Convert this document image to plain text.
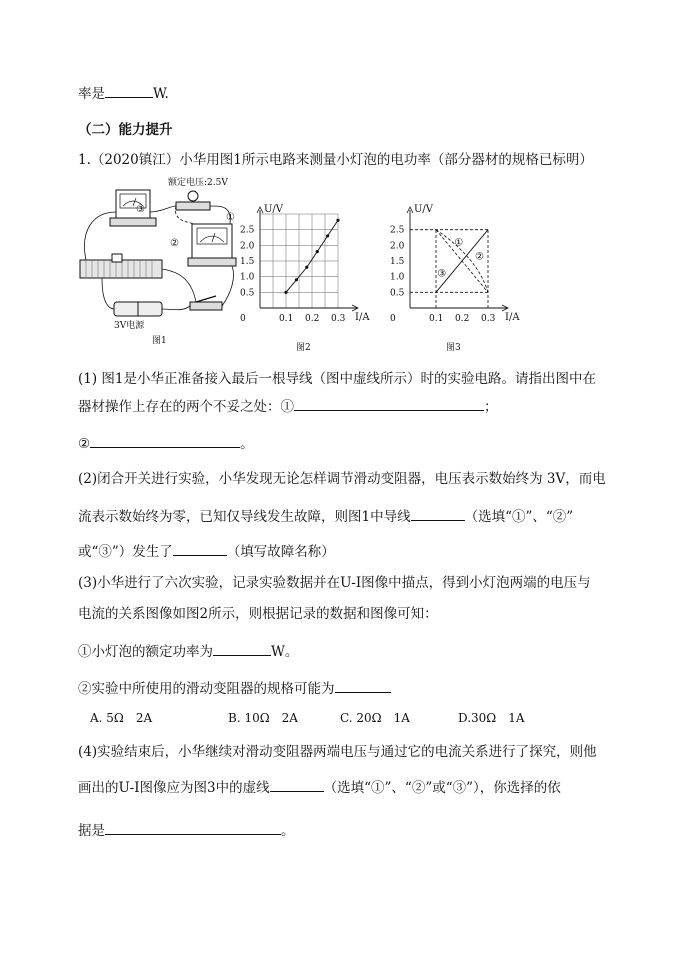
率是	W.
（二）能力提升
1.（2020镇江）小华用图1所示电路来测量小灯泡的电功率（部分器材的规格已标明）
额定电压:2.5V
3V电源
③
②
①
图1
U/V
I/A
0	0.1 0.2 0.3
0.5
1.0
1.5
2.0
2.5
图2
U/V
I/A
0	0.1 0.2 0.3
0.5
1.0
1.5
2.0
2.5
图3
①
②
③
(1) 图1是小华正准备接入最后一根导线（图中虚线所示）时的实验电路。请指出图中在
器材操作上存在的两个不妥之处：①	；
②	。
(2)闭合开关进行实验，小华发现无论怎样调节滑动变阻器，电压表示数始终为 3V，而电
流表示数始终为零，已知仅导线发生故障，则图1中导线	（选填“①”、“②”
或“③”）发生了	（填写故障名称）
(3)小华进行了六次实验，记录实验数据并在U-I图像中描点，得到小灯泡两端的电压与
电流的关系图像如图2所示，则根据记录的数据和图像可知：
①小灯泡的额定功率为	W。
②实验中所使用的滑动变阻器的规格可能为
A. 5Ω　2A	B. 10Ω　2A	C. 20Ω　1A	D.30Ω　1A
(4)实验结束后，小华继续对滑动变阻器两端电压与通过它的电流关系进行了探究，则他
画出的U-I图像应为图3中的虚线	（选填“①”、“②”或“③”），你选择的依
据是	。
